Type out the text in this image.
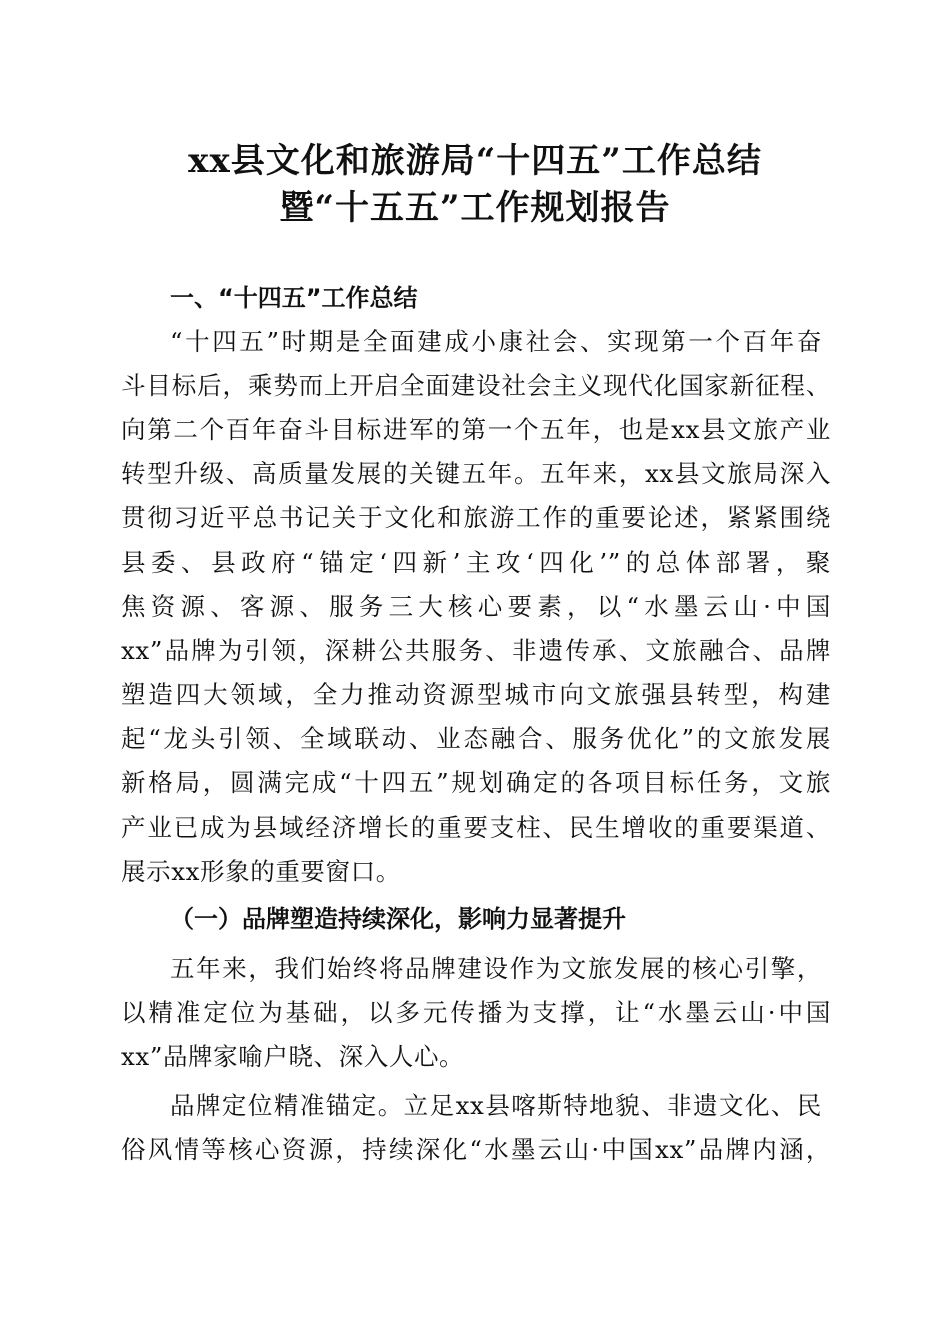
xx县文化和旅游局“十四五”工作总结
暨“十五五”工作规划报告
一、“十四五”工作总结
“十四五”时期是全面建成小康社会、实现第一个百年奋
斗目标后，乘势而上开启全面建设社会主义现代化国家新征程、
向第二个百年奋斗目标进军的第一个五年，也是xx县文旅产业
转型升级、高质量发展的关键五年。五年来，xx县文旅局深入
贯彻习近平总书记关于文化和旅游工作的重要论述，紧紧围绕
县委、县政府“锚定‘四新’主攻‘四化’”的总体部署，聚
焦资源、客源、服务三大核心要素，以“水墨云山·中国
xx”品牌为引领，深耕公共服务、非遗传承、文旅融合、品牌
塑造四大领域，全力推动资源型城市向文旅强县转型，构建
起“龙头引领、全域联动、业态融合、服务优化”的文旅发展
新格局，圆满完成“十四五”规划确定的各项目标任务，文旅
产业已成为县域经济增长的重要支柱、民生增收的重要渠道、
展示xx形象的重要窗口。
（一）品牌塑造持续深化，影响力显著提升
五年来，我们始终将品牌建设作为文旅发展的核心引擎，
以精准定位为基础，以多元传播为支撑，让“水墨云山·中国
xx”品牌家喻户晓、深入人心。
品牌定位精准锚定。立足xx县喀斯特地貌、非遗文化、民
俗风情等核心资源，持续深化“水墨云山·中国xx”品牌内涵，
